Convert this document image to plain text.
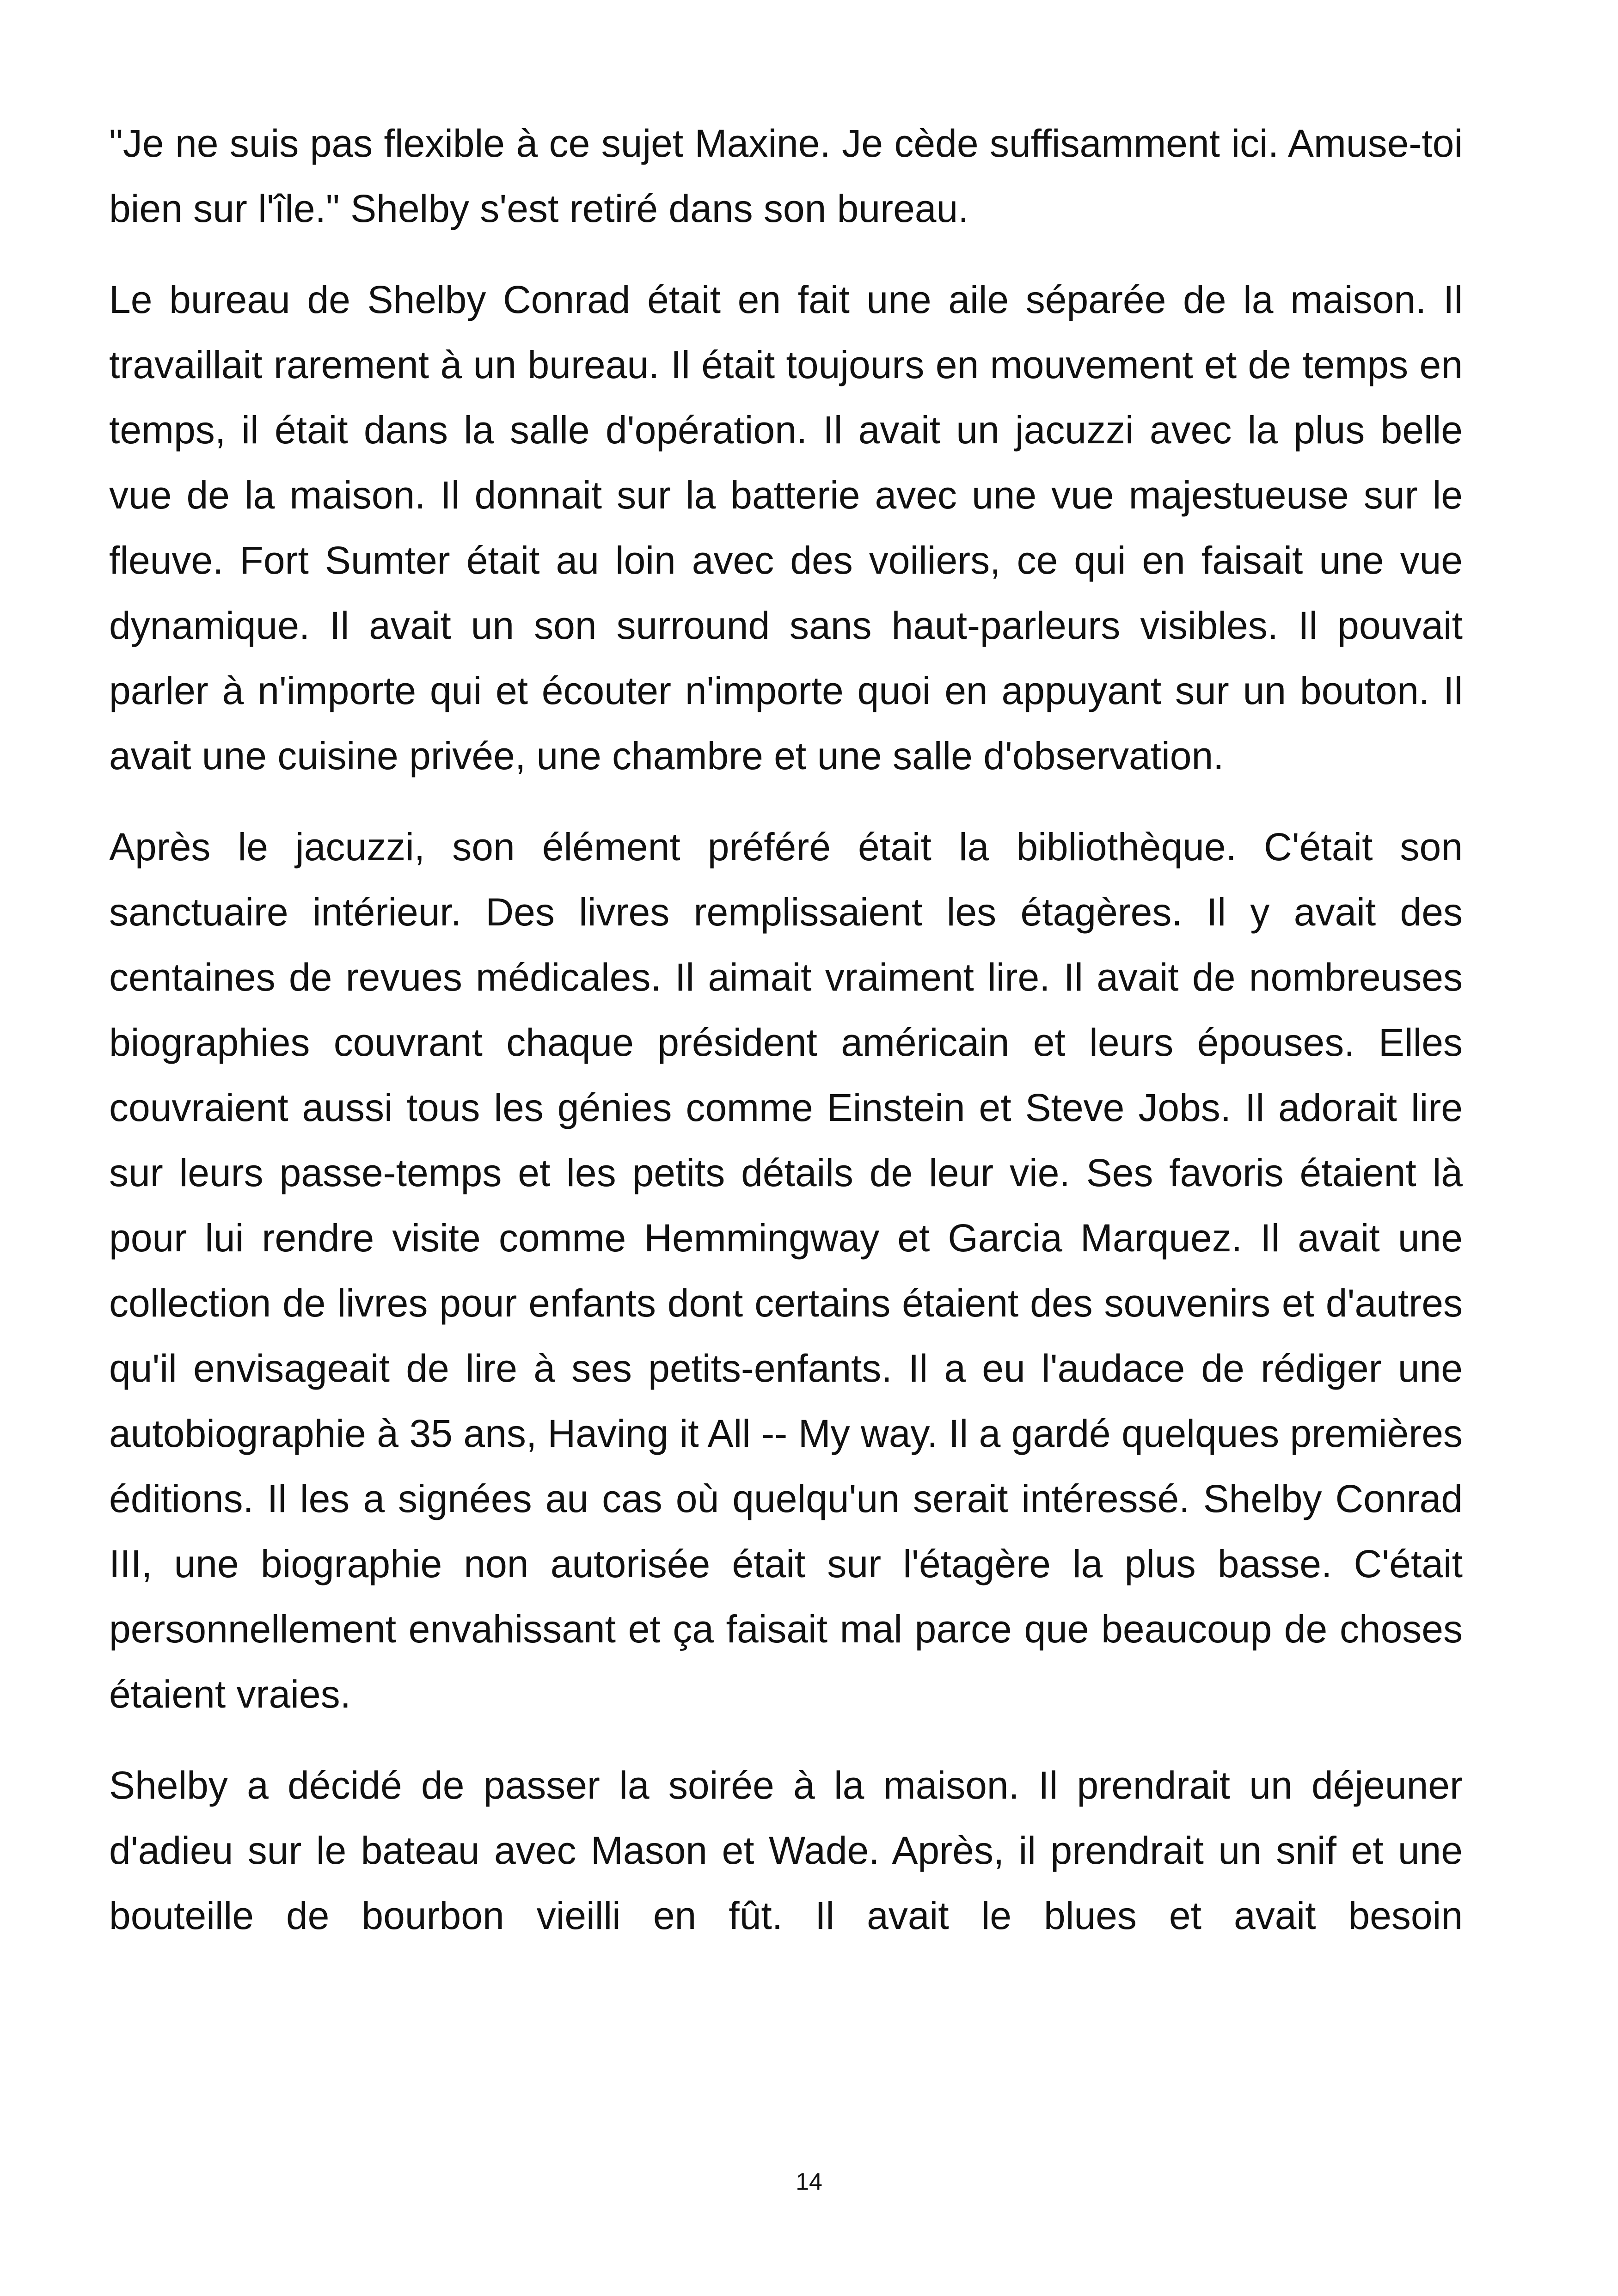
"Je ne suis pas flexible à ce sujet Maxine. Je cède suffisamment ici. Amuse-toi bien sur l'île." Shelby s'est retiré dans son bureau.

Le bureau de Shelby Conrad était en fait une aile séparée de la maison. Il travaillait rarement à un bureau. Il était toujours en mouvement et de temps en temps, il était dans la salle d'opération. Il avait un jacuzzi avec la plus belle vue de la maison. Il donnait sur la batterie avec une vue majestueuse sur le fleuve. Fort Sumter était au loin avec des voiliers, ce qui en faisait une vue dynamique. Il avait un son surround sans haut-parleurs visibles. Il pouvait parler à n'importe qui et écouter n'importe quoi en appuyant sur un bouton. Il avait une cuisine privée, une chambre et une salle d'observation.

Après le jacuzzi, son élément préféré était la bibliothèque. C'était son sanctuaire intérieur. Des livres remplissaient les étagères. Il y avait des centaines de revues médicales. Il aimait vraiment lire. Il avait de nombreuses biographies couvrant chaque président américain et leurs épouses. Elles couvraient aussi tous les génies comme Einstein et Steve Jobs. Il adorait lire sur leurs passe-temps et les petits détails de leur vie. Ses favoris étaient là pour lui rendre visite comme Hemmingway et Garcia Marquez. Il avait une collection de livres pour enfants dont certains étaient des souvenirs et d'autres qu'il envisageait de lire à ses petits-enfants. Il a eu l'audace de rédiger une autobiographie à 35 ans, Having it All -- My way. Il a gardé quelques premières éditions. Il les a signées au cas où quelqu'un serait intéressé. Shelby Conrad III, une biographie non autorisée était sur l'étagère la plus basse. C'était personnellement envahissant et ça faisait mal parce que beaucoup de choses étaient vraies.

Shelby a décidé de passer la soirée à la maison. Il prendrait un déjeuner d'adieu sur le bateau avec Mason et Wade. Après, il prendrait un snif et une bouteille de bourbon vieilli en fût. Il avait le blues et avait besoin

14
